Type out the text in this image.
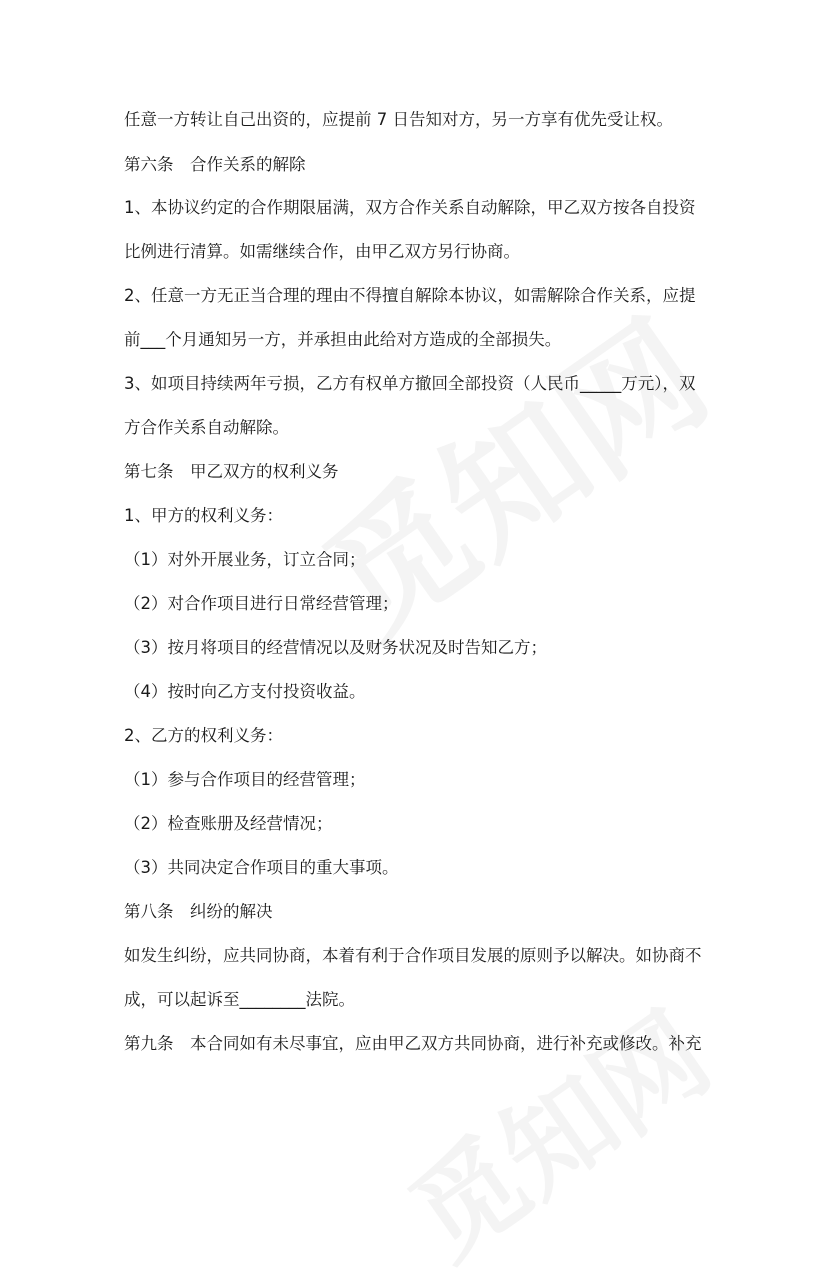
任意一方转让自己出资的，应提前 7 日告知对方，另一方享有优先受让权。
第六条　合作关系的解除
1、本协议约定的合作期限届满，双方合作关系自动解除，甲乙双方按各自投资
比例进行清算。如需继续合作，由甲乙双方另行协商。
2、任意一方无正当合理的理由不得擅自解除本协议，如需解除合作关系，应提
前___个月通知另一方，并承担由此给对方造成的全部损失。
3、如项目持续两年亏损，乙方有权单方撤回全部投资（人民币_____万元），双
方合作关系自动解除。
第七条　甲乙双方的权利义务
1、甲方的权利义务：
（1）对外开展业务，订立合同；
（2）对合作项目进行日常经营管理；
（3）按月将项目的经营情况以及财务状况及时告知乙方；
（4）按时向乙方支付投资收益。
2、乙方的权利义务：
（1）参与合作项目的经营管理；
（2）检查账册及经营情况；
（3）共同决定合作项目的重大事项。
第八条　纠纷的解决
如发生纠纷，应共同协商，本着有利于合作项目发展的原则予以解决。如协商不
成，可以起诉至________法院。
第九条　本合同如有未尽事宜，应由甲乙双方共同协商，进行补充或修改。补充
